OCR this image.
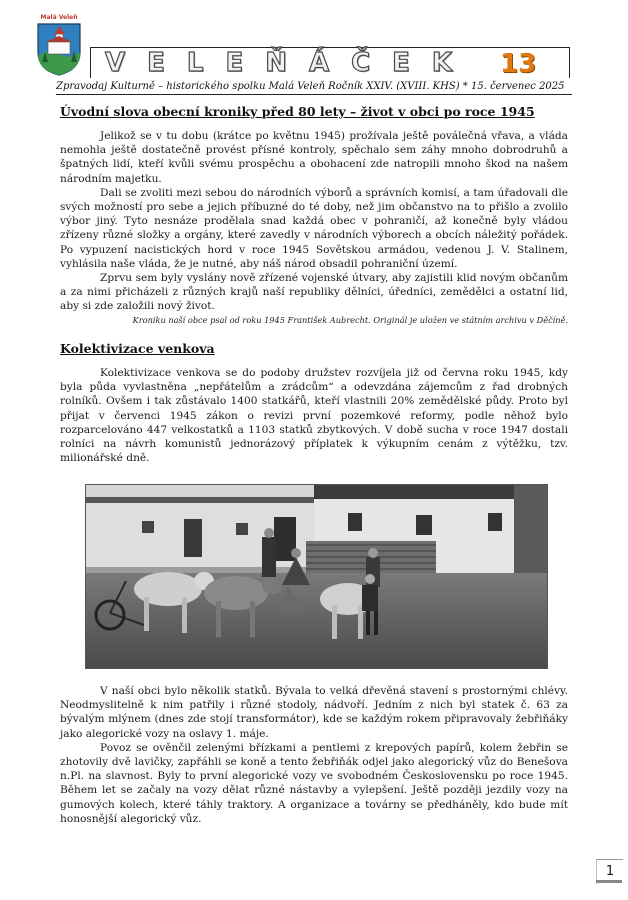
Malá Veleň
VELEŇÁČEK 13
Zpravodaj Kulturně – historického spolku Malá Veleň Ročník XXIV. (XVIII. KHS) * 15. červenec 2025
Úvodní slova obecní kroniky před 80 lety – život v obci po roce 1945

Jelikož se v tu dobu (krátce po květnu 1945) prožívala ještě poválečná vřava, a vláda nemohla ještě dostatečně provést přísné kontroly, spěchalo sem záhy mnoho dobrodruhů a špatných lidí, kteří kvůli svému prospěchu a obohacení zde natropili mnoho škod na našem národním majetku.

Dali se zvoliti mezi sebou do národních výborů a správních komisí, a tam úřadovali dle svých možností pro sebe a jejich příbuzné do té doby, než jim občanstvo na to přišlo a zvolilo výbor jiný. Tyto nesnáze prodělala snad každá obec v pohraničí, až konečně byly vládou zřízeny různé složky a orgány, které zavedly v národních výborech a obcích náležitý pořádek. Po vypuzení nacistických hord v roce 1945 Sovětskou armádou, vedenou J. V. Stalinem, vyhlásila naše vláda, že je nutné, aby náš národ obsadil pohraniční území.

Zprvu sem byly vyslány nově zřízené vojenské útvary, aby zajistili klid novým občanům a za nimi přicházeli z různých krajů naší republiky dělníci, úředníci, zemědělci a ostatní lid, aby si zde založili nový život.

Kroniku naší obce psal od roku 1945 František Aubrecht. Originál je uložen ve státním archivu v Děčíně.
Kolektivizace venkova

Kolektivizace venkova se do podoby družstev rozvíjela již od června roku 1945, kdy byla půda vyvlastněna „nepřátelům a zrádcům“ a odevzdána zájemcům z řad drobných rolníků. Ovšem i tak zůstávalo 1400 statkářů, kteří vlastnili 20% zemědělské půdy. Proto byl přijat v červenci 1945 zákon o revizi první pozemkové reformy, podle něhož bylo rozparcelováno 447 velkostatků a 1103 statků zbytkových. V době sucha v roce 1947 dostali rolníci na návrh komunistů jednorázový příplatek k výkupním cenám z výtěžku, tzv. milionářské dně.

V naší obci bylo několik statků. Bývala to velká dřevěná stavení s prostornými chlévy. Neodmyslitelně k nim patřily i různé stodoly, nádvoří. Jedním z nich byl statek č. 63 za bývalým mlýnem (dnes zde stojí transformátor), kde se každým rokem připravovaly žebřiňáky jako alegorické vozy na oslavy 1. máje.

Povoz se ověnčil zelenými břízkami a pentlemi z krepových papírů, kolem žebřin se zhotovily dvě lavičky, zapřáhli se koně a tento žebřiňák odjel jako alegorický vůz do Benešova n.Pl. na slavnost. Byly to první alegorické vozy ve svobodném Československu po roce 1945. Během let se začaly na vozy dělat různé nástavby a vylepšení. Ještě později jezdily vozy na gumových kolech, které táhly traktory. A organizace a továrny se předháněly, kdo bude mít honosnější alegorický vůz.

1
